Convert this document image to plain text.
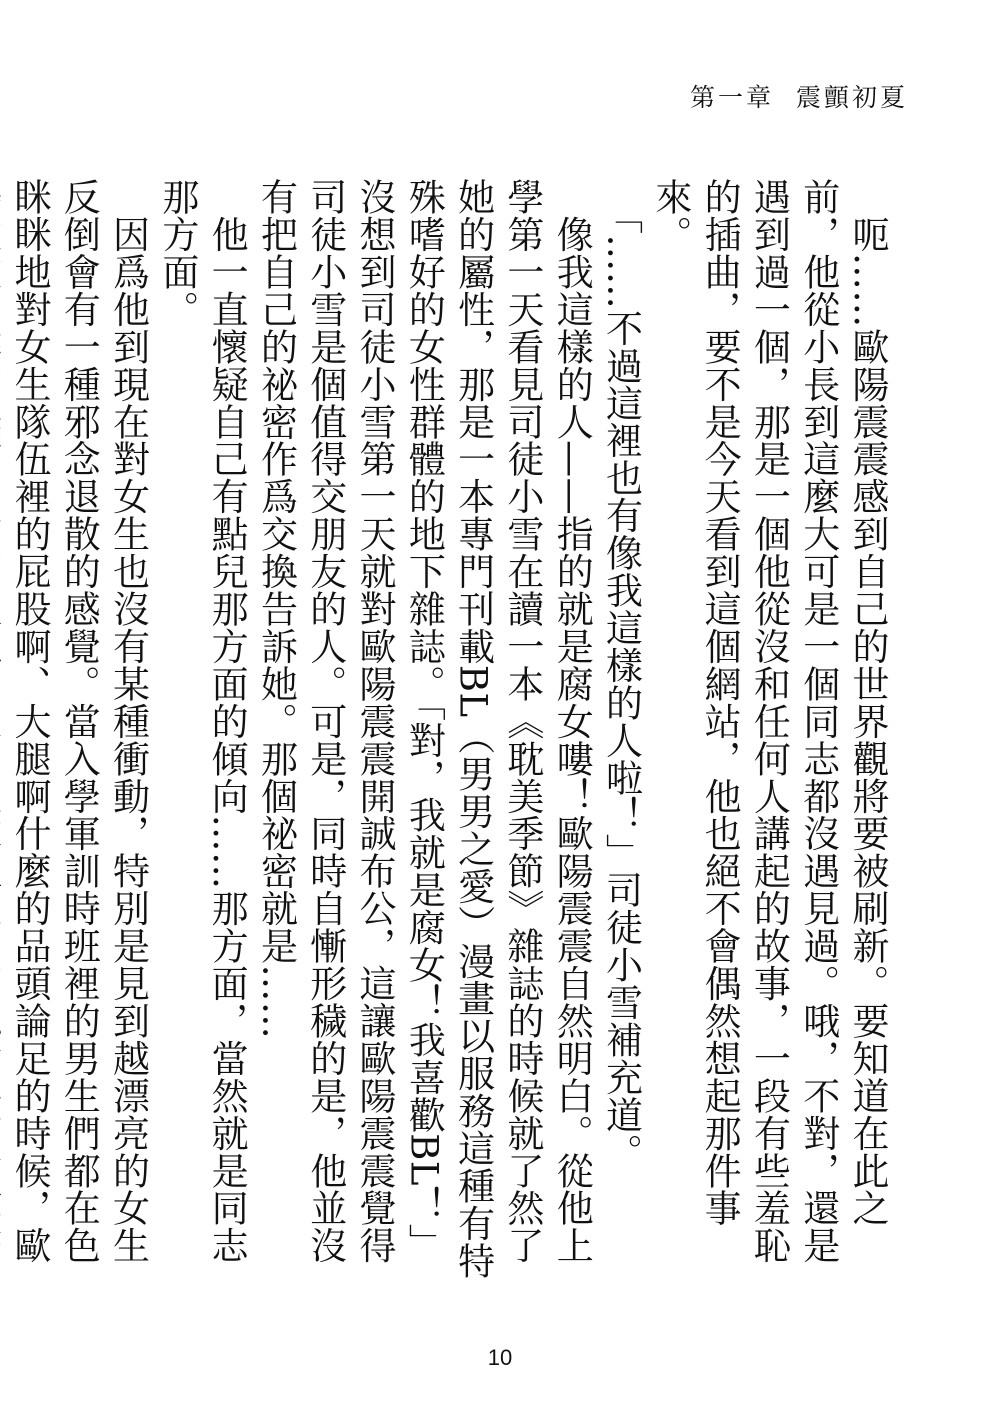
第一章 震顫初夏

　呃……歐陽震震感到自己的世界觀將要被刷新。要知道在此之前，他從小長到這麼大可是一個同志都沒遇見過。哦，不對，還是遇到過一個，那是一個他從沒和任何人講起的故事，一段有些羞恥的插曲，要不是今天看到這個網站，他也絕不會偶然想起那件事來。

　「……不過這裡也有像我這樣的人啦！」司徒小雪補充道。

　像我這樣的人——指的就是腐女嘍！歐陽震震自然明白。從他上學第一天看見司徒小雪在讀一本《耽美季節》雜誌的時候就了然了她的屬性，那是一本專門刊載BL（男男之愛）漫畫以服務這種有特殊嗜好的女性群體的地下雜誌。「對，我就是腐女！我喜歡BL！」沒想到司徒小雪第一天就對歐陽震震開誠布公，這讓歐陽震震覺得司徒小雪是個值得交朋友的人。可是，同時自慚形穢的是，他並沒有把自己的祕密作爲交換告訴她。那個祕密就是……

　他一直懷疑自己有點兒那方面的傾向……那方面，當然就是同志那方面。

　因爲他到現在對女生也沒有某種衝動，特別是見到越漂亮的女生反倒會有一種邪念退散的感覺。當入學軍訓時班裡的男生們都在色眯眯地對女生隊伍裡的屁股啊、大腿啊什麼的品頭論足的時候，歐

10
